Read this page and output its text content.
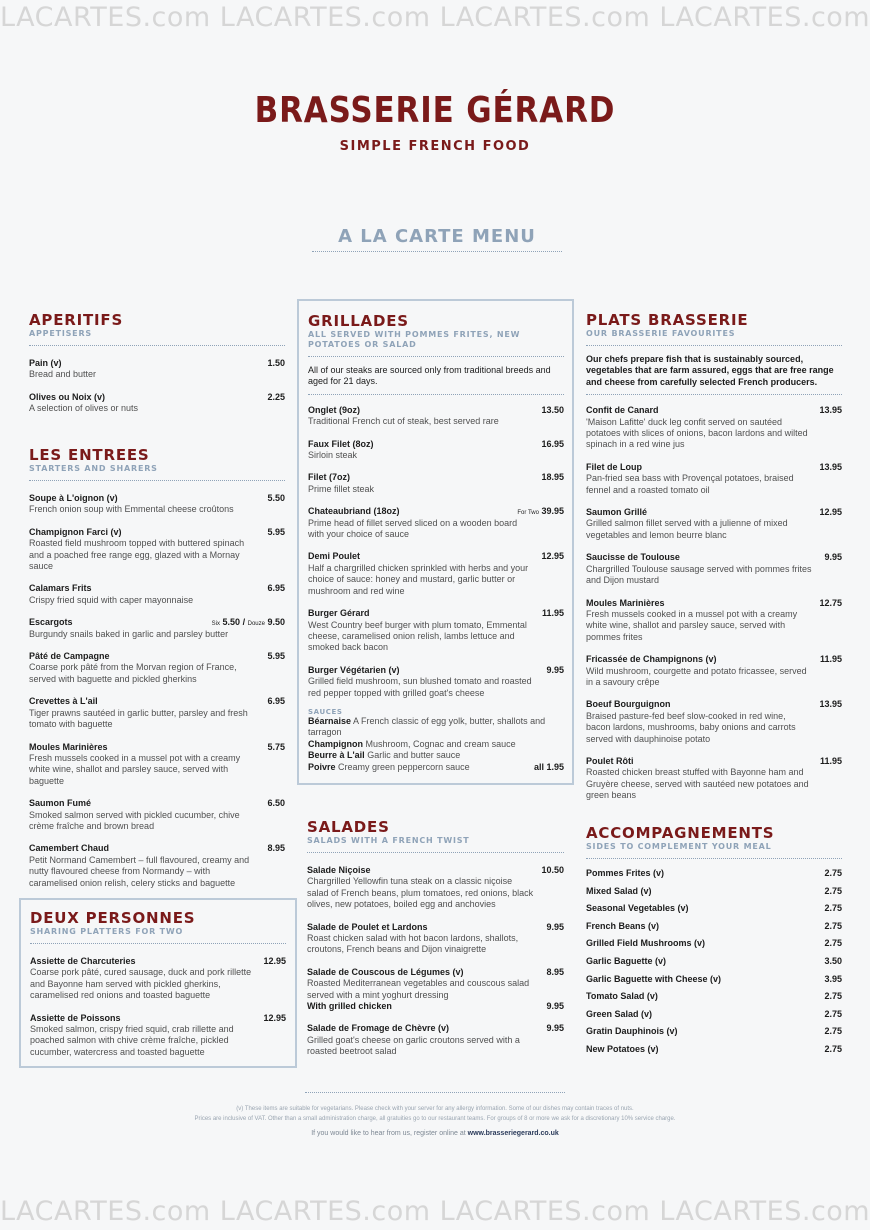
LACARTES.com LACARTES.com LACARTES.com LACARTES.com
BRASSERIE GÉRARD
SIMPLE FRENCH FOOD
A LA CARTE MENU
APERITIFS
APPETISERS
Pain (v)	1.50
Bread and butter
Olives ou Noix (v)	2.25
A selection of olives or nuts
LES ENTREES
STARTERS AND SHARERS
Soupe à L'oignon (v)	5.50
French onion soup with Emmental cheese croûtons
Champignon Farci (v)	5.95
Roasted field mushroom topped with buttered spinach and a poached free range egg, glazed with a Mornay sauce
Calamars Frits	6.95
Crispy fried squid with caper mayonnaise
Escargots	Six 5.50 / Douze 9.50
Burgundy snails baked in garlic and parsley butter
Pâté de Campagne	5.95
Coarse pork pâté from the Morvan region of France, served with baguette and pickled gherkins
Crevettes à L'ail	6.95
Tiger prawns sautéed in garlic butter, parsley and fresh tomato with baguette
Moules Marinières	5.75
Fresh mussels cooked in a mussel pot with a creamy white wine, shallot and parsley sauce, served with baguette
Saumon Fumé	6.50
Smoked salmon served with pickled cucumber, chive crème fraîche and brown bread
Camembert Chaud	8.95
Petit Normand Camembert – full flavoured, creamy and nutty flavoured cheese from Normandy – with caramelised onion relish, celery sticks and baguette
DEUX PERSONNES
SHARING PLATTERS FOR TWO
Assiette de Charcuteries	12.95
Coarse pork pâté, cured sausage, duck and pork rillette and Bayonne ham served with pickled gherkins, caramelised red onions and toasted baguette
Assiette de Poissons	12.95
Smoked salmon, crispy fried squid, crab rillette and poached salmon with chive crème fraîche, pickled cucumber, watercress and toasted baguette
GRILLADES
ALL SERVED WITH POMMES FRITES, NEW POTATOES OR SALAD
All of our steaks are sourced only from traditional breeds and aged for 21 days.
Onglet (9oz)	13.50
Traditional French cut of steak, best served rare
Faux Filet (8oz)	16.95
Sirloin steak
Filet (7oz)	18.95
Prime fillet steak
Chateaubriand (18oz)	For Two 39.95
Prime head of fillet served sliced on a wooden board with your choice of sauce
Demi Poulet	12.95
Half a chargrilled chicken sprinkled with herbs and your choice of sauce: honey and mustard, garlic butter or mushroom and red wine
Burger Gérard	11.95
West Country beef burger with plum tomato, Emmental cheese, caramelised onion relish, lambs lettuce and smoked back bacon
Burger Végétarien (v)	9.95
Grilled field mushroom, sun blushed tomato and roasted red pepper topped with grilled goat's cheese
SAUCES
Béarnaise A French classic of egg yolk, butter, shallots and tarragon
Champignon Mushroom, Cognac and cream sauce
Beurre à L'ail Garlic and butter sauce
Poivre Creamy green peppercorn sauce	all 1.95
SALADES
SALADS WITH A FRENCH TWIST
Salade Niçoise	10.50
Chargrilled Yellowfin tuna steak on a classic niçoise salad of French beans, plum tomatoes, red onions, black olives, new potatoes, boiled egg and anchovies
Salade de Poulet et Lardons	9.95
Roast chicken salad with hot bacon lardons, shallots, croutons, French beans and Dijon vinaigrette
Salade de Couscous de Légumes (v)	8.95
Roasted Mediterranean vegetables and couscous salad served with a mint yoghurt dressing
With grilled chicken	9.95
Salade de Fromage de Chèvre (v)	9.95
Grilled goat's cheese on garlic croutons served with a roasted beetroot salad
PLATS BRASSERIE
OUR BRASSERIE FAVOURITES
Our chefs prepare fish that is sustainably sourced, vegetables that are farm assured, eggs that are free range and cheese from carefully selected French producers.
Confit de Canard	13.95
'Maison Lafitte' duck leg confit served on sautéed potatoes with slices of onions, bacon lardons and wilted spinach in a red wine jus
Filet de Loup	13.95
Pan-fried sea bass with Provençal potatoes, braised fennel and a roasted tomato oil
Saumon Grillé	12.95
Grilled salmon fillet served with a julienne of mixed vegetables and lemon beurre blanc
Saucisse de Toulouse	9.95
Chargrilled Toulouse sausage served with pommes frites and Dijon mustard
Moules Marinières	12.75
Fresh mussels cooked in a mussel pot with a creamy white wine, shallot and parsley sauce, served with pommes frites
Fricassée de Champignons (v)	11.95
Wild mushroom, courgette and potato fricassee, served in a savoury crêpe
Boeuf Bourguignon	13.95
Braised pasture-fed beef slow-cooked in red wine, bacon lardons, mushrooms, baby onions and carrots served with dauphinoise potato
Poulet Rôti	11.95
Roasted chicken breast stuffed with Bayonne ham and Gruyère cheese, served with sautéed new potatoes and green beans
ACCOMPAGNEMENTS
SIDES TO COMPLEMENT YOUR MEAL
Pommes Frites (v)	2.75
Mixed Salad (v)	2.75
Seasonal Vegetables (v)	2.75
French Beans (v)	2.75
Grilled Field Mushrooms (v)	2.75
Garlic Baguette (v)	3.50
Garlic Baguette with Cheese (v)	3.95
Tomato Salad (v)	2.75
Green Salad (v)	2.75
Gratin Dauphinois (v)	2.75
New Potatoes (v)	2.75
(v) These items are suitable for vegetarians. Please check with your server for any allergy information. Some of our dishes may contain traces of nuts.
Prices are inclusive of VAT. Other than a small administration charge, all gratuities go to our restaurant teams. For groups of 8 or more we ask for a discretionary 10% service charge.
If you would like to hear from us, register online at www.brasseriegerard.co.uk
LACARTES.com LACARTES.com LACARTES.com LACARTES.com
